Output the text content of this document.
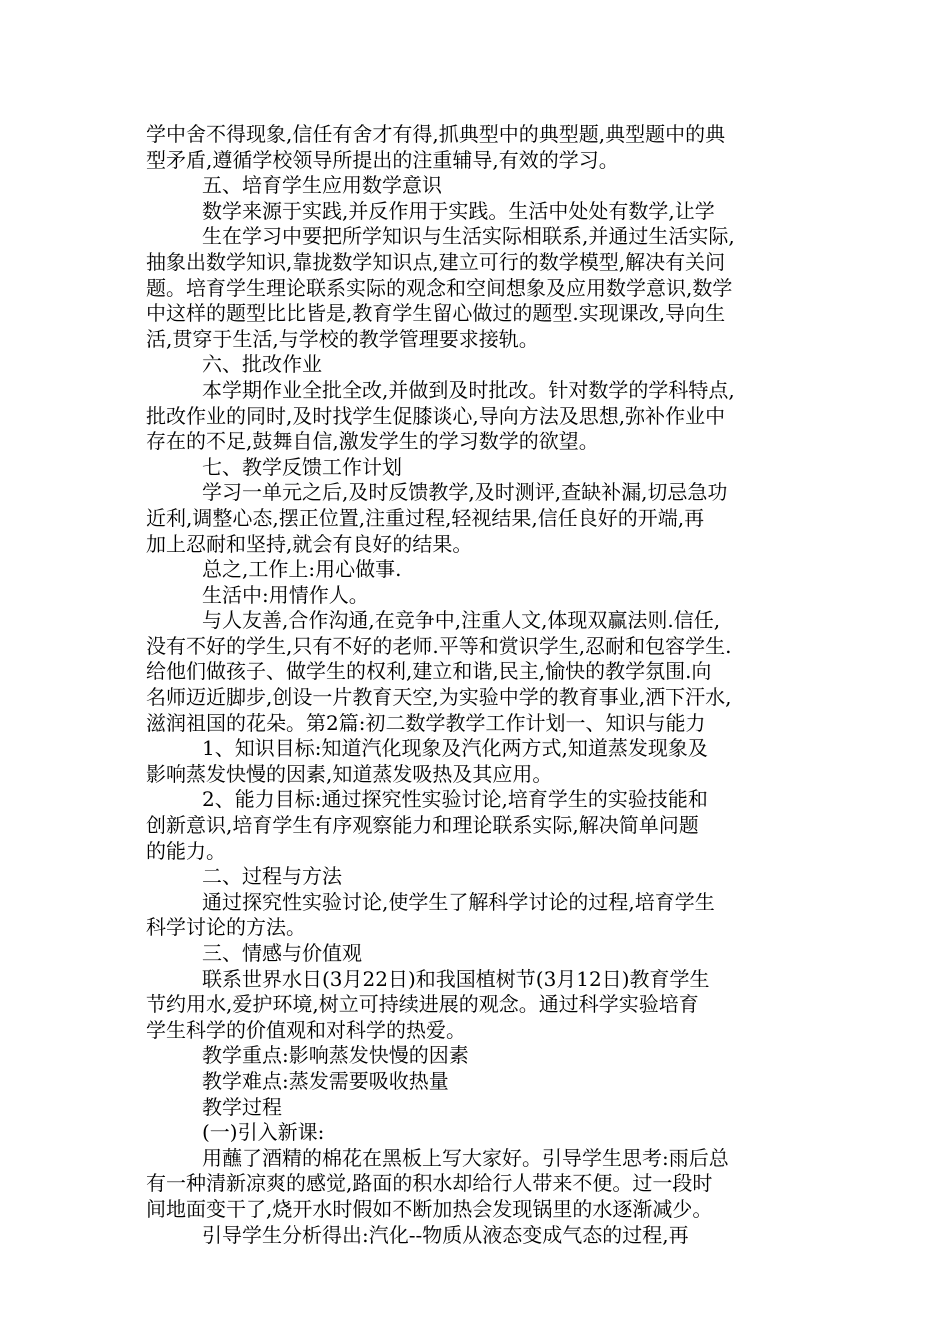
学中舍不得现象,信任有舍才有得,抓典型中的典型题,典型题中的典
型矛盾,遵循学校领导所提出的注重辅导,有效的学习。
五、培育学生应用数学意识
数学来源于实践,并反作用于实践。生活中处处有数学,让学
生在学习中要把所学知识与生活实际相联系,并通过生活实际,
抽象出数学知识,靠拢数学知识点,建立可行的数学模型,解决有关问
题。培育学生理论联系实际的观念和空间想象及应用数学意识,数学
中这样的题型比比皆是,教育学生留心做过的题型.实现课改,导向生
活,贯穿于生活,与学校的教学管理要求接轨。
六、批改作业
本学期作业全批全改,并做到及时批改。针对数学的学科特点,
批改作业的同时,及时找学生促膝谈心,导向方法及思想,弥补作业中
存在的不足,鼓舞自信,激发学生的学习数学的欲望。
七、教学反馈工作计划
学习一单元之后,及时反馈教学,及时测评,查缺补漏,切忌急功
近利,调整心态,摆正位置,注重过程,轻视结果,信任良好的开端,再
加上忍耐和坚持,就会有良好的结果。
总之,工作上:用心做事.
生活中:用情作人。
与人友善,合作沟通,在竞争中,注重人文,体现双赢法则.信任,
没有不好的学生,只有不好的老师.平等和赏识学生,忍耐和包容学生.
给他们做孩子、做学生的权利,建立和谐,民主,愉快的教学氛围.向
名师迈近脚步,创设一片教育天空,为实验中学的教育事业,洒下汗水,
滋润祖国的花朵。第2篇:初二数学教学工作计划一、知识与能力
1、知识目标:知道汽化现象及汽化两方式,知道蒸发现象及
影响蒸发快慢的因素,知道蒸发吸热及其应用。
2、能力目标:通过探究性实验讨论,培育学生的实验技能和
创新意识,培育学生有序观察能力和理论联系实际,解决简单问题
的能力。
二、过程与方法
通过探究性实验讨论,使学生了解科学讨论的过程,培育学生
科学讨论的方法。
三、情感与价值观
联系世界水日(3月22日)和我国植树节(3月12日)教育学生
节约用水,爱护环境,树立可持续进展的观念。通过科学实验培育
学生科学的价值观和对科学的热爱。
教学重点:影响蒸发快慢的因素
教学难点:蒸发需要吸收热量
教学过程
(一)引入新课:
用蘸了酒精的棉花在黑板上写大家好。引导学生思考:雨后总
有一种清新凉爽的感觉,路面的积水却给行人带来不便。过一段时
间地面变干了,烧开水时假如不断加热会发现锅里的水逐渐减少。
引导学生分析得出:汽化--物质从液态变成气态的过程,再
